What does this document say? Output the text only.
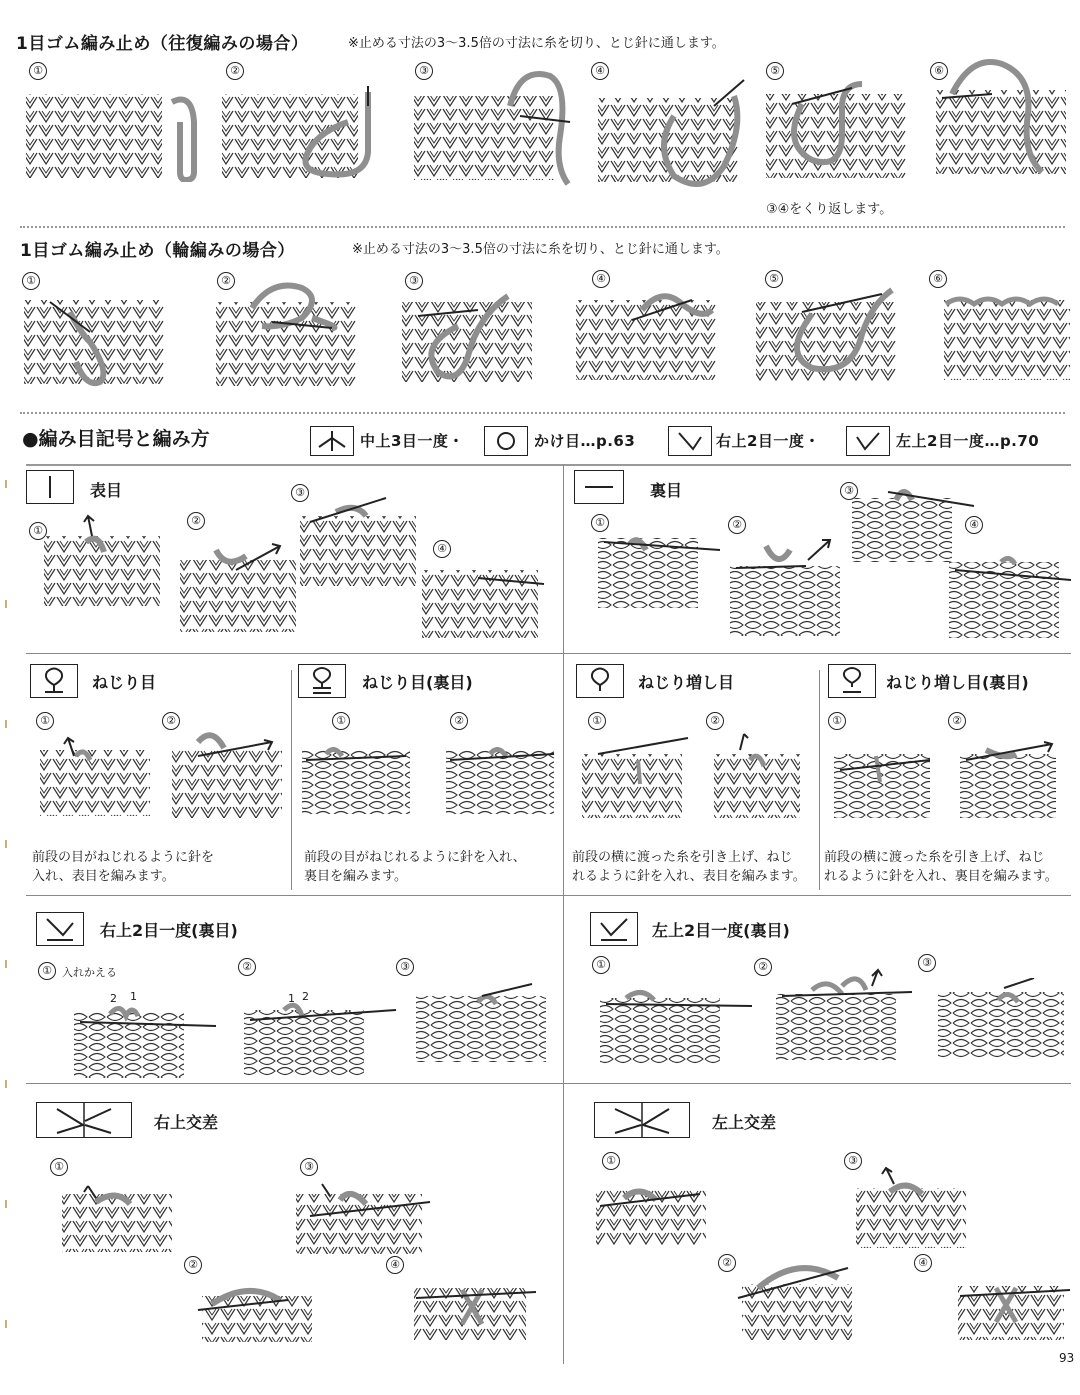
1目ゴム編み止め（往復編みの場合）	※止める寸法の3～3.5倍の寸法に糸を切り、とじ針に通します。
①	②	③	④	⑤	⑥
③④をくり返します。
1目ゴム編み止め（輪編みの場合）	※止める寸法の3～3.5倍の寸法に糸を切り、とじ針に通します。
①	②	③	④	⑤	⑥
●編み目記号と編み方	中上3目一度・	かけ目…p.63	右上2目一度・	左上2目一度…p.70
表目
①
②
③
④
裏目
①	②
③
④
ねじり目
①	②
前段の目がねじれるように針を
入れ、表目を編みます。
ねじり目(裏目)
①	②
前段の目がねじれるように針を入れ、
裏目を編みます。
ねじり増し目
①	②
前段の横に渡った糸を引き上げ、ねじ
れるように針を入れ、表目を編みます。
ねじり増し目(裏目)
①	②
前段の横に渡った糸を引き上げ、ねじ
れるように針を入れ、裏目を編みます。
右上2目一度(裏目)
① 入れかえる
2 1
②
1 2
③
左上2目一度(裏目)
①	②	③
右上交差
①
②
③
④
左上交差
①
②
③
④
93
